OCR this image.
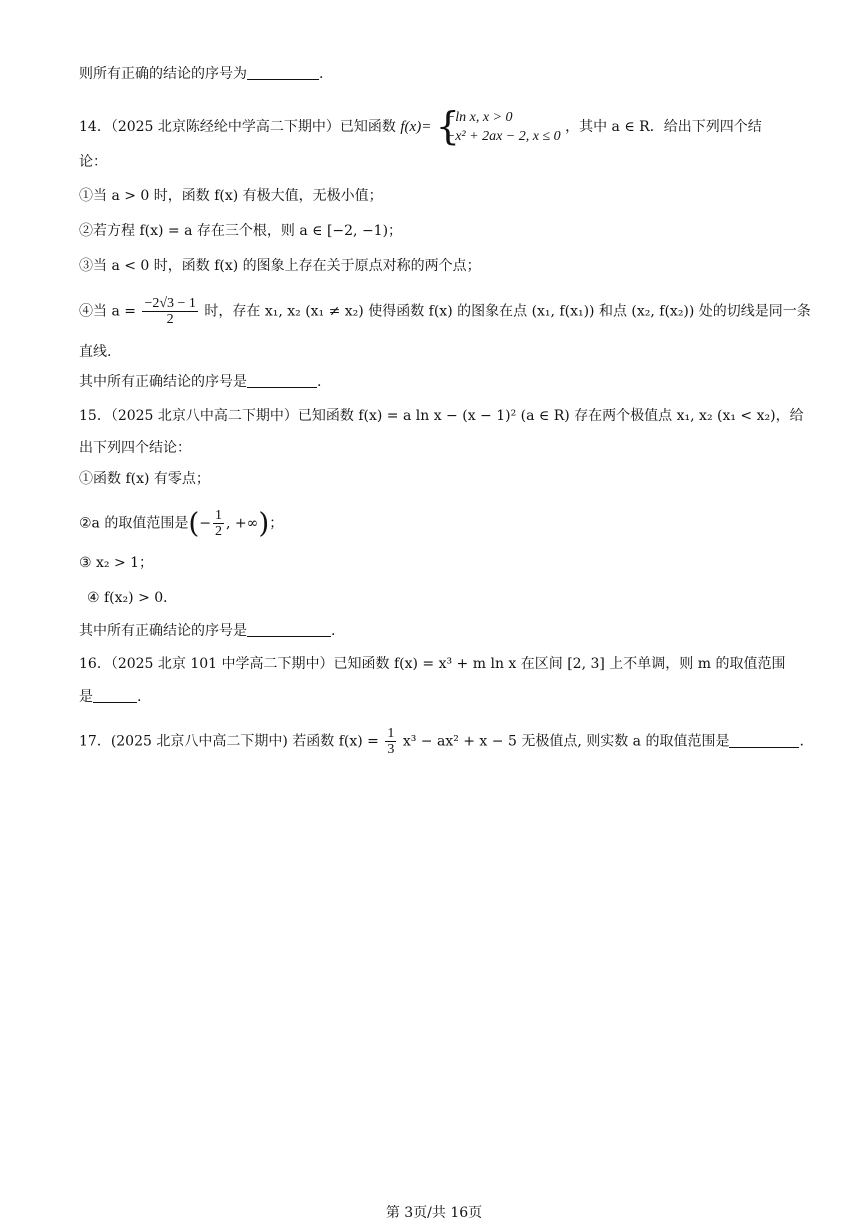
则所有正确的结论的序号为	.
14．（2025 北京陈经纶中学高二下期中）已知函数 f(x)= {
−ln x, x > 0
−x² + 2ax − 2, x ≤ 0
，其中 a ∈ R．给出下列四个结
论：
①当 a > 0 时，函数 f(x) 有极大值，无极小值；
②若方程 f(x) = a 存在三个根，则 a ∈ [−2, −1)；
③当 a < 0 时，函数 f(x) 的图象上存在关于原点对称的两个点；
④当 $a = \frac{-2√3 - 1}{2}$ 时，存在 x₁, x₂ (x₁ ≠ x₂) 使得函数 f(x) 的图象在点 (x₁, f(x₁)) 和点 (x₂, f(x₂)) 处的切线是同一条
直线.
其中所有正确结论的序号是	.
15．（2025 北京八中高二下期中）已知函数 f(x) = a ln x − (x − 1)² (a ∈ R) 存在两个极值点 x₁, x₂ (x₁ < x₂)，给
出下列四个结论：
①函数 f(x) 有零点；
②a 的取值范围是(− $\frac{1}{2}$ , +∞)；
③ x₂ > 1；
④ f(x₂) > 0．
其中所有正确结论的序号是	.
16．（2025 北京 101 中学高二下期中）已知函数 f(x) = x³ + m ln x 在区间 [2, 3] 上不单调，则 m 的取值范围
是	.
17．(2025 北京八中高二下期中) 若函数 $f(x) = \frac{1}{3} x^3 - ax^2 + x - 5$ 无极值点, 则实数 a 的取值范围是	.
第 3页/共 16页
